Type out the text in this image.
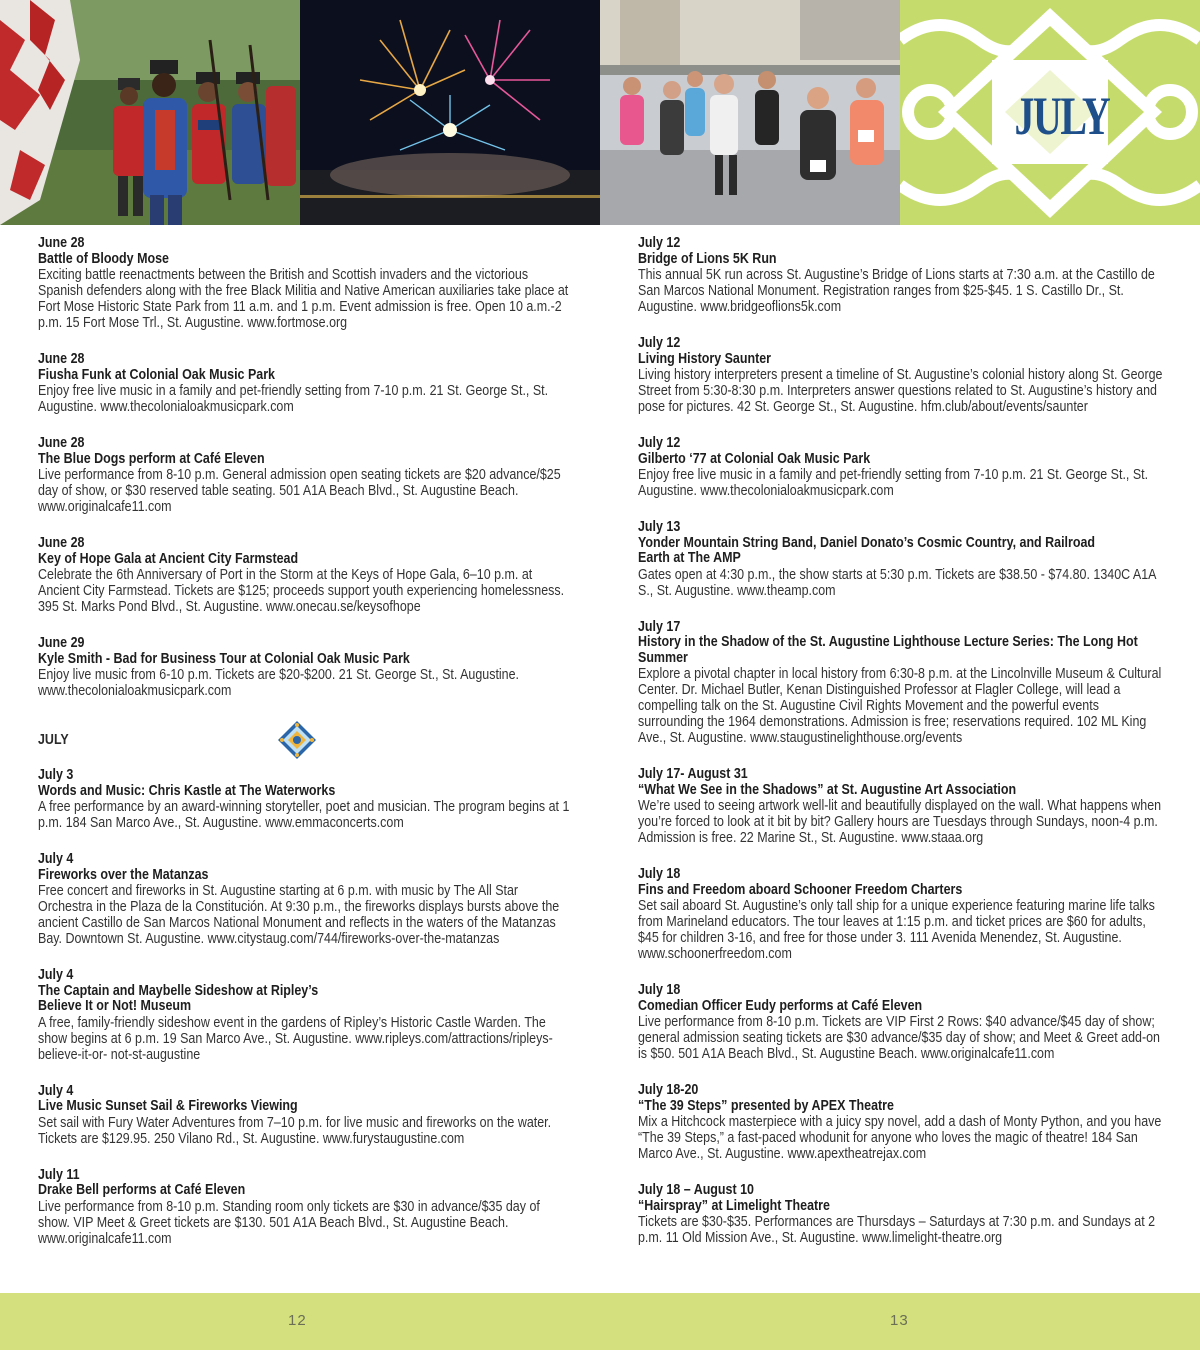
JULY
June 28
Battle of Bloody Mose
Exciting battle reenactments between the British and Scottish invaders and the victorious Spanish defenders along with the free Black Militia and Native American auxiliaries take place at Fort Mose Historic State Park from 11 a.m. and 1 p.m. Event admission is free. Open 10 a.m.-2 p.m. 15 Fort Mose Trl., St. Augustine. www.fortmose.org
June 28
Fiusha Funk at Colonial Oak Music Park
Enjoy free live music in a family and pet-friendly setting from 7-10 p.m. 21 St. George St., St. Augustine. www.thecolonialoakmusicpark.com
June 28
The Blue Dogs perform at Café Eleven
Live performance from 8-10 p.m. General admission open seating tickets are $20 advance/$25 day of show, or $30 reserved table seating. 501 A1A Beach Blvd., St. Augustine Beach. www.originalcafe11.com
June 28
Key of Hope Gala at Ancient City Farmstead
Celebrate the 6th Anniversary of Port in the Storm at the Keys of Hope Gala, 6–10 p.m. at Ancient City Farmstead. Tickets are $125; proceeds support youth experiencing homelessness. 395 St. Marks Pond Blvd., St. Augustine. www.onecau.se/keysofhope
June 29
Kyle Smith - Bad for Business Tour at Colonial Oak Music Park
Enjoy live music from 6-10 p.m. Tickets are $20-$200. 21 St. George St., St. Augustine. www.thecolonialoakmusicpark.com
JULY
July 3
Words and Music: Chris Kastle at The Waterworks
A free performance by an award-winning storyteller, poet and musician. The program begins at 1 p.m. 184 San Marco Ave., St. Augustine. www.emmaconcerts.com
July 4
Fireworks over the Matanzas
Free concert and fireworks in St. Augustine starting at 6 p.m. with music by The All Star Orchestra in the Plaza de la Constitución. At 9:30 p.m., the fireworks displays bursts above the ancient Castillo de San Marcos National Monument and reflects in the waters of the Matanzas Bay. Downtown St. Augustine. www.citystaug.com/744/fireworks-over-the-matanzas
July 4
The Captain and Maybelle Sideshow at Ripley’s Believe It or Not! Museum
A free, family-friendly sideshow event in the gardens of Ripley’s Historic Castle Warden. The show begins at 6 p.m. 19 San Marco Ave., St. Augustine. www.ripleys.com/attractions/ripleys-believe-it-or- not-st-augustine
July 4
Live Music Sunset Sail & Fireworks Viewing
Set sail with Fury Water Adventures from 7–10 p.m. for live music and fireworks on the water. Tickets are $129.95. 250 Vilano Rd., St. Augustine. www.furystaugustine.com
July 11
Drake Bell performs at Café Eleven
Live performance from 8-10 p.m. Standing room only tickets are $30 in advance/$35 day of show. VIP Meet & Greet tickets are $130. 501 A1A Beach Blvd., St. Augustine Beach. www.originalcafe11.com
July 12
Bridge of Lions 5K Run
This annual 5K run across St. Augustine’s Bridge of Lions starts at 7:30 a.m. at the Castillo de San Marcos National Monument. Registration ranges from $25-$45. 1 S. Castillo Dr., St. Augustine. www.bridgeoflions5k.com
July 12
Living History Saunter
Living history interpreters present a timeline of St. Augustine’s colonial history along St. George Street from 5:30-8:30 p.m. Interpreters answer questions related to St. Augustine’s history and pose for pictures. 42 St. George St., St. Augustine. hfm.club/about/events/saunter
July 12
Gilberto ‘77 at Colonial Oak Music Park
Enjoy free live music in a family and pet-friendly setting from 7-10 p.m. 21 St. George St., St. Augustine. www.thecolonialoakmusicpark.com
July 13
Yonder Mountain String Band, Daniel Donato’s Cosmic Country, and Railroad Earth at The AMP
Gates open at 4:30 p.m., the show starts at 5:30 p.m. Tickets are $38.50 - $74.80. 1340C A1A S., St. Augustine. www.theamp.com
July 17
History in the Shadow of the St. Augustine Lighthouse Lecture Series: The Long Hot Summer
Explore a pivotal chapter in local history from 6:30-8 p.m. at the Lincolnville Museum & Cultural Center. Dr. Michael Butler, Kenan Distinguished Professor at Flagler College, will lead a compelling talk on the St. Augustine Civil Rights Movement and the powerful events surrounding the 1964 demonstrations. Admission is free; reservations required. 102 ML King Ave., St. Augustine. www.staugustinelighthouse.org/events
July 17- August 31
“What We See in the Shadows” at St. Augustine Art Association
We’re used to seeing artwork well-lit and beautifully displayed on the wall. What happens when you’re forced to look at it bit by bit? Gallery hours are Tuesdays through Sundays, noon-4 p.m. Admission is free. 22 Marine St., St. Augustine. www.staaa.org
July 18
Fins and Freedom aboard Schooner Freedom Charters
Set sail aboard St. Augustine’s only tall ship for a unique experience featuring marine life talks from Marineland educators. The tour leaves at 1:15 p.m. and ticket prices are $60 for adults, $45 for children 3-16, and free for those under 3. 111 Avenida Menendez, St. Augustine. www.schoonerfreedom.com
July 18
Comedian Officer Eudy performs at Café Eleven
Live performance from 8-10 p.m. Tickets are VIP First 2 Rows: $40 advance/$45 day of show; general admission seating tickets are $30 advance/$35 day of show; and Meet & Greet add-on is $50. 501 A1A Beach Blvd., St. Augustine Beach. www.originalcafe11.com
July 18-20
“The 39 Steps” presented by APEX Theatre
Mix a Hitchcock masterpiece with a juicy spy novel, add a dash of Monty Python, and you have “The 39 Steps,” a fast-paced whodunit for anyone who loves the magic of theatre! 184 San Marco Ave., St. Augustine. www.apextheatrejax.com
July 18 – August 10
“Hairspray” at Limelight Theatre
Tickets are $30-$35. Performances are Thursdays – Saturdays at 7:30 p.m. and Sundays at 2 p.m. 11 Old Mission Ave., St. Augustine. www.limelight-theatre.org
12	13
